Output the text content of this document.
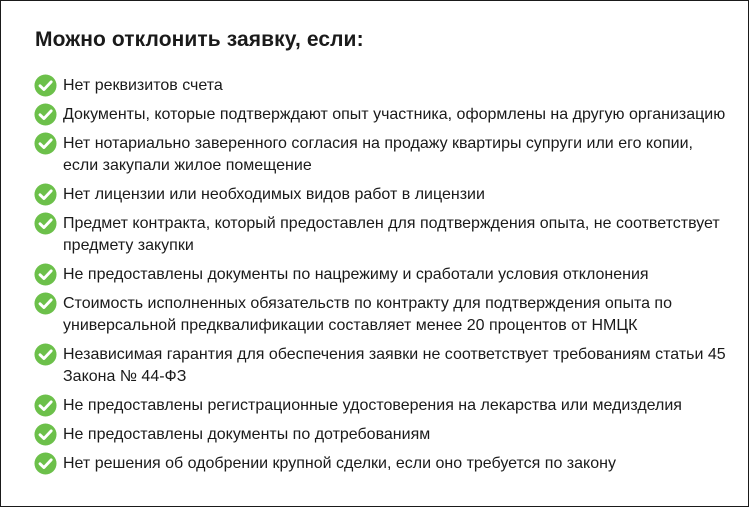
Можно отклонить заявку, если:
Нет реквизитов счета
Документы, которые подтверждают опыт участника, оформлены на другую организацию
Нет нотариально заверенного согласия на продажу квартиры супруги или его копии, если закупали жилое помещение
Нет лицензии или необходимых видов работ в лицензии
Предмет контракта, который предоставлен для подтверждения опыта, не соответствует предмету закупки
Не предоставлены документы по нацрежиму и сработали условия отклонения
Стоимость исполненных обязательств по контракту для подтверждения опыта по универсальной предквалификации составляет менее 20 процентов от НМЦК
Независимая гарантия для обеспечения заявки не соответствует требованиям статьи 45 Закона № 44-ФЗ
Не предоставлены регистрационные удостоверения на лекарства или медизделия
Не предоставлены документы по дотребованиям
Нет решения об одобрении крупной сделки, если оно требуется по закону
